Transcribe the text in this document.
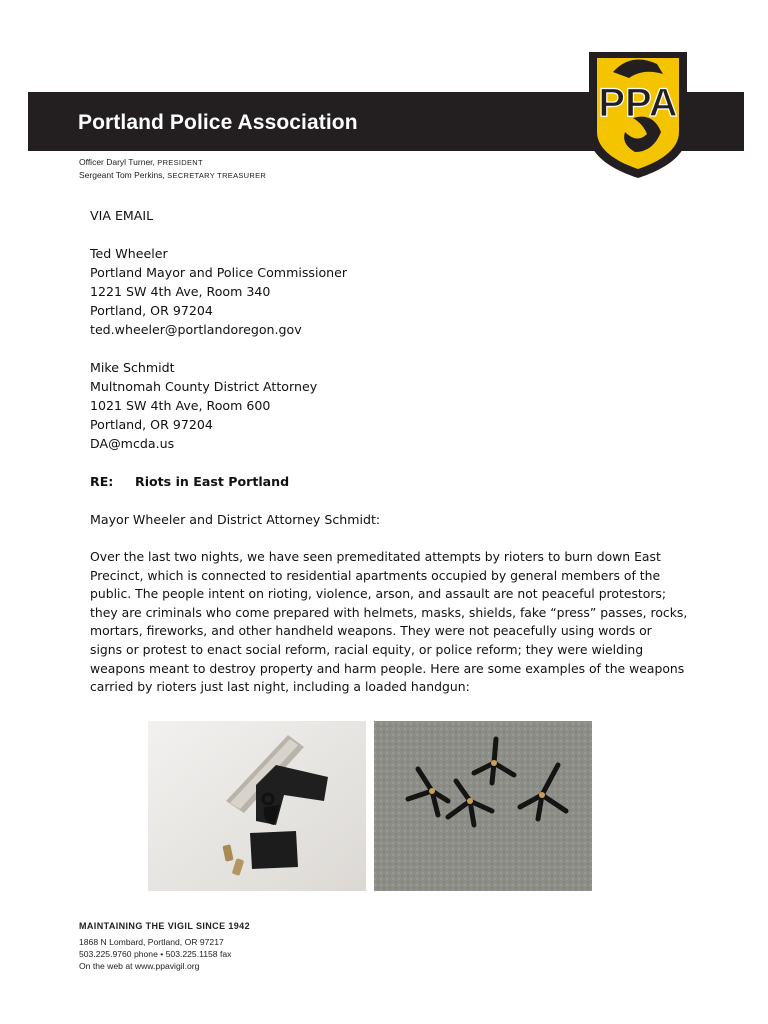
Portland Police Association	PPA
Officer Daryl Turner, PRESIDENT
Sergeant Tom Perkins, SECRETARY TREASURER

VIA EMAIL

Ted Wheeler

Portland Mayor and Police Commissioner

1221 SW 4th Ave, Room 340

Portland, OR 97204

ted.wheeler@portlandoregon.gov

Mike Schmidt

Multnomah County District Attorney

1021 SW 4th Ave, Room 600

Portland, OR 97204

DA@mcda.us

RE: Riots in East Portland

Mayor Wheeler and District Attorney Schmidt:

Over the last two nights, we have seen premeditated attempts by rioters to burn down East

Precinct, which is connected to residential apartments occupied by general members of the

public. The people intent on rioting, violence, arson, and assault are not peaceful protestors;

they are criminals who come prepared with helmets, masks, shields, fake “press” passes, rocks,

mortars, fireworks, and other handheld weapons. They were not peacefully using words or

signs or protest to enact social reform, racial equity, or police reform; they were wielding

weapons meant to destroy property and harm people. Here are some examples of the weapons

carried by rioters just last night, including a loaded handgun:

MAINTAINING THE VIGIL SINCE 1942
1868 N Lombard, Portland, OR 97217
503.225.9760 phone • 503.225.1158 fax
On the web at www.ppavigil.org
